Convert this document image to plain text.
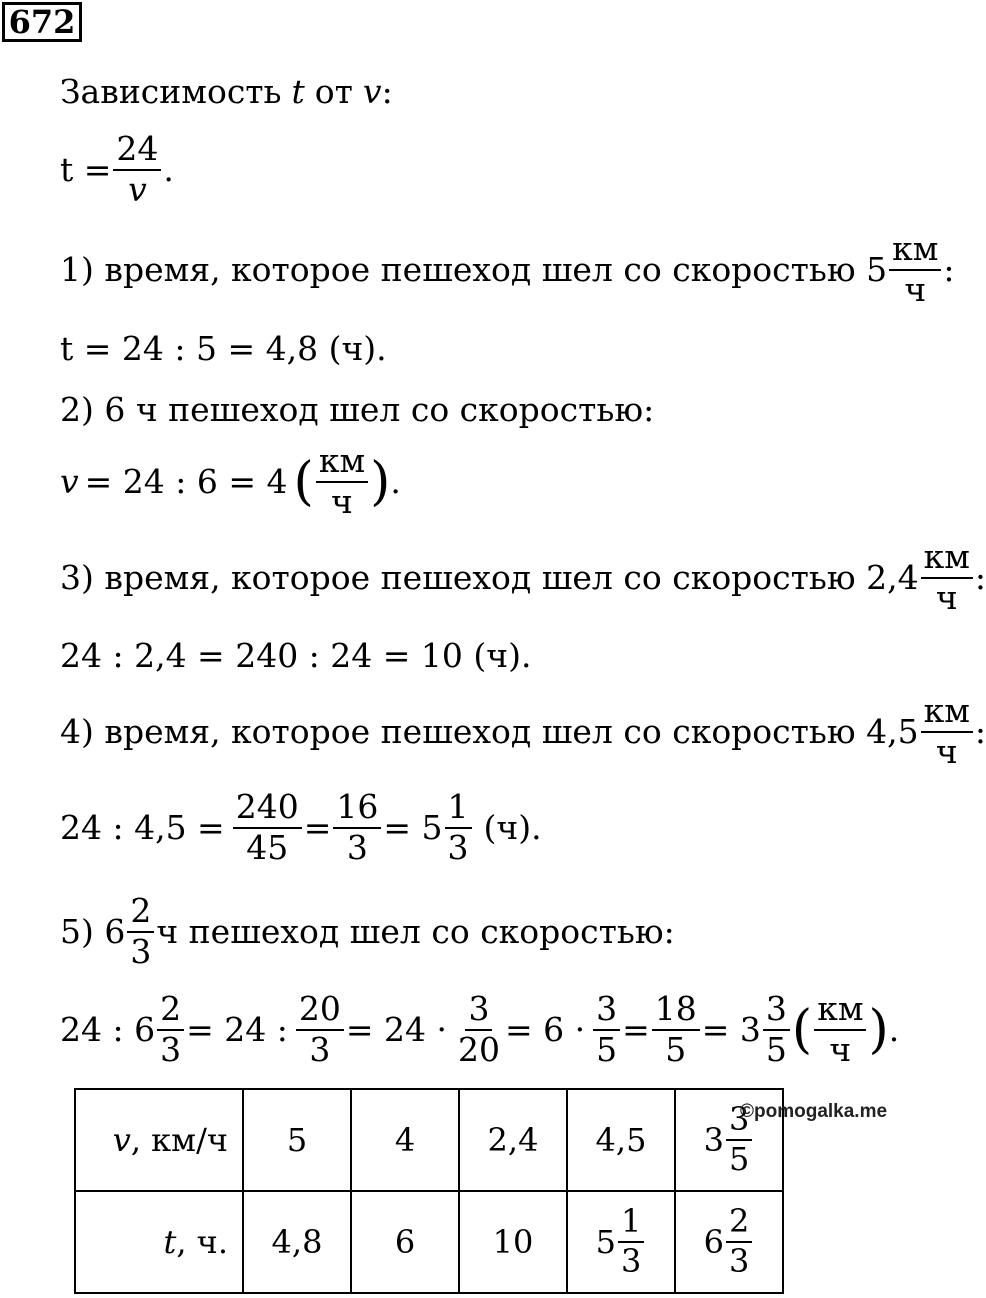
672
Зависимость t от v :
$t = \frac{24}{v}$ .
1) время, которое пешеход шел со скоростью $5 \frac{км}{ч}$ :
t = 24 : 5 = 4,8 (ч).
2) 6 ч пешеход шел со скоростью:
v = 24 : 6 = 4 ( $\frac{км}{ч}$ ) .
3) время, которое пешеход шел со скоростью $2,4 \frac{км}{ч}$ :
24 : 2,4 = 240 : 24 = 10 (ч).
4) время, которое пешеход шел со скоростью $4,5 \frac{км}{ч}$ :
24 : $4,5 = \frac{240}{45} = \frac{16}{3} = 5 \frac{1}{3} (ч)$.
5) $6 \frac{2}{3}$ ч пешеход шел со скоростью:
24 : $6 \frac{2}{3} = 24$ : $\frac{20}{3} = 24 \cdot \frac{3}{20} = 6 \cdot \frac{3}{5} = \frac{18}{5} = 3 \frac{3}{5}$ ( $\frac{км}{ч}$ ) .
v, км/ч	5	4	2,4	4,5	$3 \frac{3}{5}$

t, ч.	4,8	6	10	$5 \frac{1}{3}$	$6 \frac{2}{3}$
©pomogalka.me
